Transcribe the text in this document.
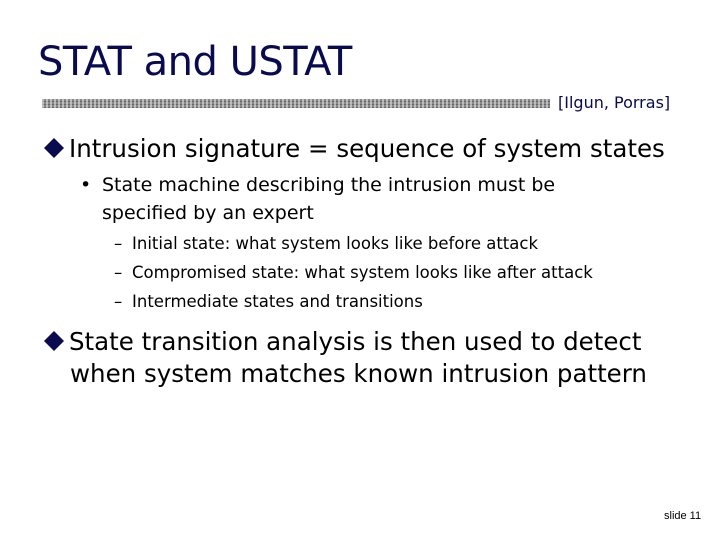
STAT and USTAT
[Ilgun, Porras]
Intrusion signature = sequence of system states
• State machine describing the intrusion must be
specified by an expert
– Initial state: what system looks like before attack
– Compromised state: what system looks like after attack
– Intermediate states and transitions
State transition analysis is then used to detect
when system matches known intrusion pattern
slide 11
